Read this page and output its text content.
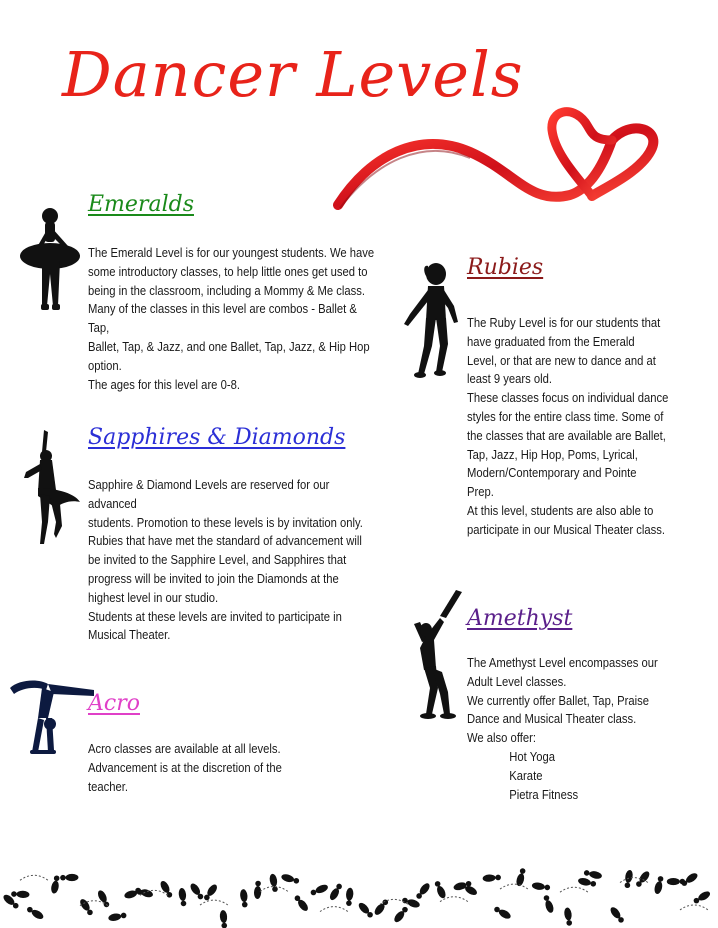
Dancer Levels
Emeralds

The Emerald Level is for our youngest students. We have

some introductory classes, to help little ones get used to

being in the classroom, including a Mommy & Me class.

Many of the classes in this level are combos - Ballet & Tap,

Ballet, Tap, & Jazz, and one Ballet, Tap, Jazz, & Hip Hop

option.

The ages for this level are 0-8.

Rubies

The Ruby Level is for our students that

have graduated from the Emerald

Level, or that are new to dance and at

least 9 years old.

These classes focus on individual dance

styles for the entire class time. Some of

the classes that are available are Ballet,

Tap, Jazz, Hip Hop, Poms, Lyrical,

Modern/Contemporary and Pointe

Prep.

At this level, students are also able to

participate in our Musical Theater class.

Sapphires & Diamonds

Sapphire & Diamond Levels are reserved for our advanced

students. Promotion to these levels is by invitation only.

Rubies that have met the standard of advancement will

be invited to the Sapphire Level, and Sapphires that

progress will be invited to join the Diamonds at the

highest level in our studio.

Students at these levels are invited to participate in

Musical Theater.

Amethyst

The Amethyst Level encompasses our

Adult Level classes.

We currently offer Ballet, Tap, Praise

Dance and Musical Theater class.

We also offer:

Hot Yoga

Karate

Pietra Fitness

Acro

Acro classes are available at all levels.

Advancement is at the discretion of the

teacher.
